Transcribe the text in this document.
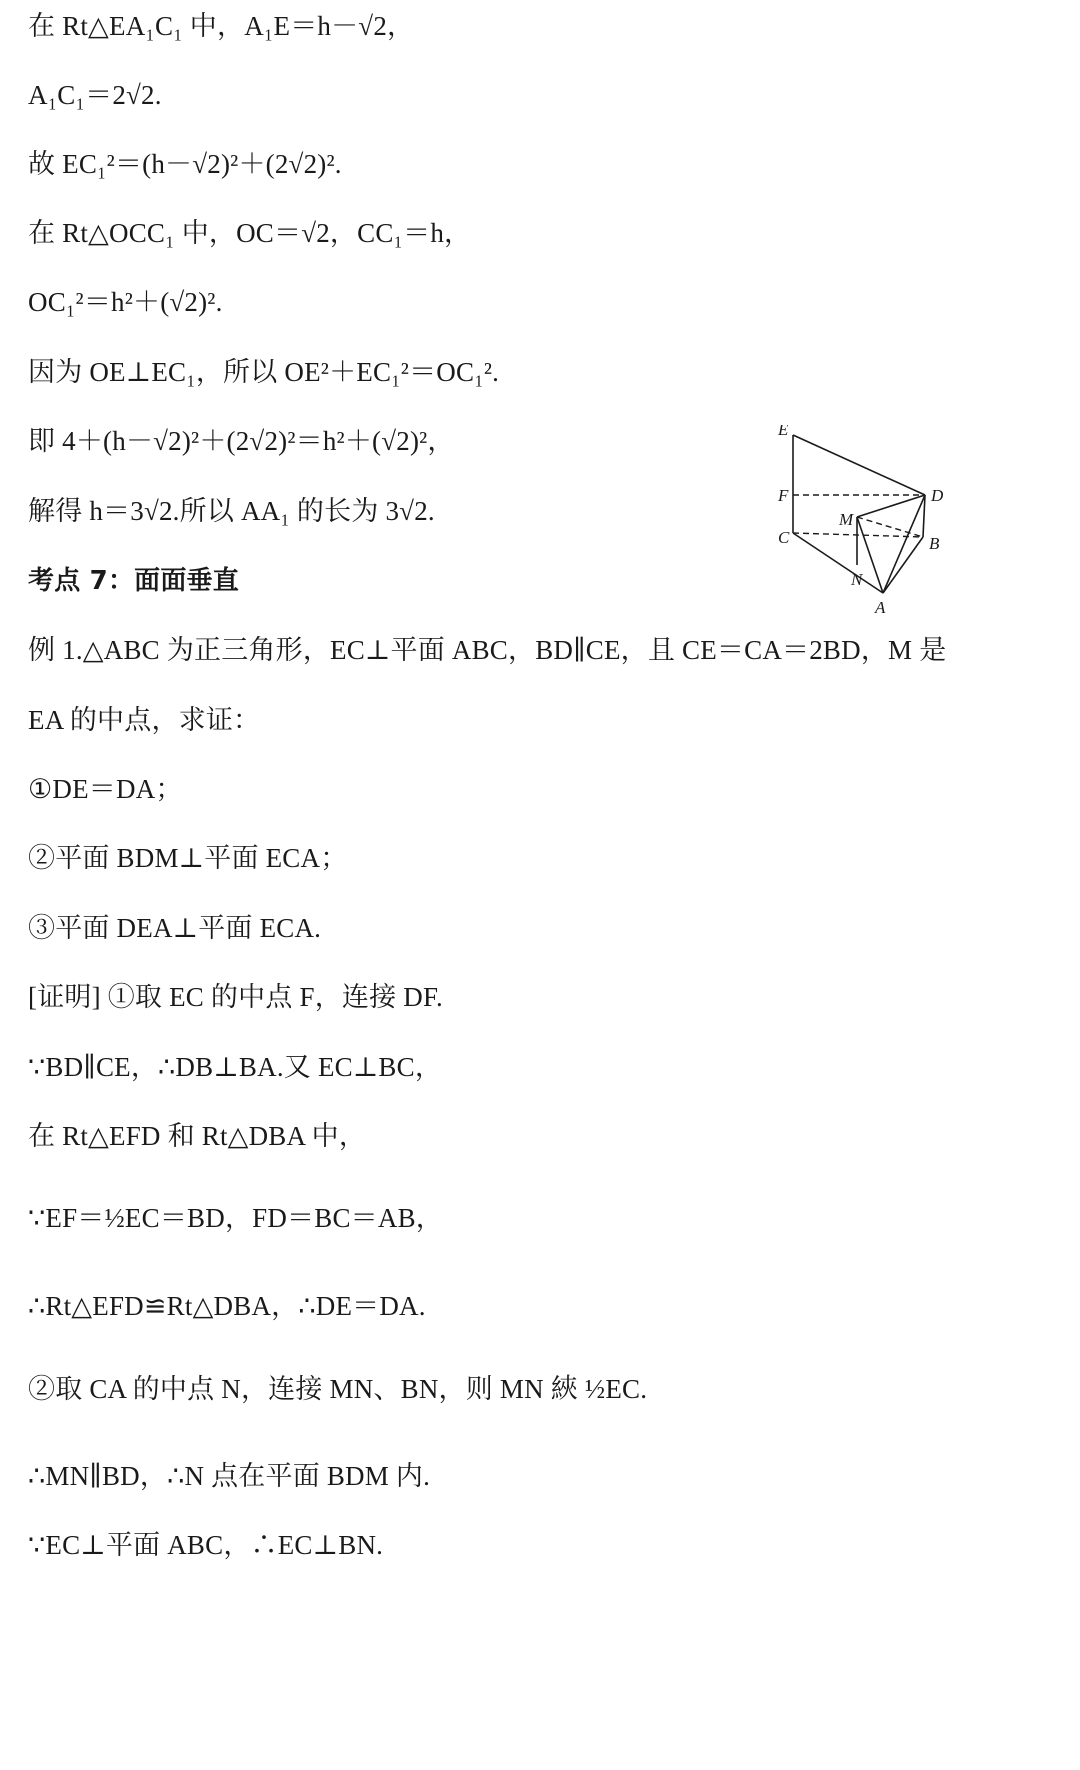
在 Rt△EA₁C₁ 中，A₁E＝h－√2，
A₁C₁＝2√2.
故 EC₁²＝(h－√2)²＋(2√2)².
在 Rt△OCC₁ 中，OC＝√2，CC₁＝h，
OC₁²＝h²＋(√2)².
因为 OE⊥EC₁，所以 OE²＋EC₁²＝OC₁².
即 4＋(h－√2)²＋(2√2)²＝h²＋(√2)²，
解得 h＝3√2.所以 AA₁ 的长为 3√2.
考点 7：面面垂直
例 1.△ABC 为正三角形，EC⊥平面 ABC，BD∥CE，且 CE＝CA＝2BD，M 是
EA 的中点，求证：
①DE＝DA；
②平面 BDM⊥平面 ECA；
③平面 DEA⊥平面 ECA.
[证明] ①取 EC 的中点 F，连接 DF.
∵BD∥CE，∴DB⊥BA.又 EC⊥BC，
在 Rt△EFD 和 Rt△DBA 中，
∵EF＝½EC＝BD，FD＝BC＝AB，
∴Rt△EFD≌Rt△DBA，∴DE＝DA.
②取 CA 的中点 N，连接 MN、BN，则 MN 綊 ½EC.
∴MN∥BD，∴N 点在平面 BDM 内.
∵EC⊥平面 ABC，∴EC⊥BN.
E
F	D
M
C	B
N
A
